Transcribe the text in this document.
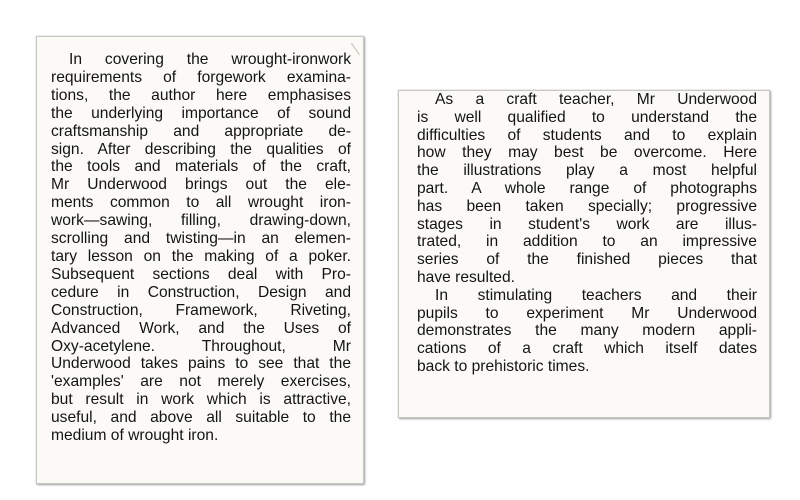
In covering the wrought-ironwork
requirements of forgework examina-
tions, the author here emphasises
the underlying importance of sound
craftsmanship and appropriate de-
sign. After describing the qualities of
the tools and materials of the craft,
Mr Underwood brings out the ele-
ments common to all wrought iron-
work—sawing, filling, drawing-down,
scrolling and twisting—in an elemen-
tary lesson on the making of a poker.
Subsequent sections deal with Pro-
cedure in Construction, Design and
Construction, Framework, Riveting,
Advanced Work, and the Uses of
Oxy-acetylene. Throughout, Mr
Underwood takes pains to see that the
'examples' are not merely exercises,
but result in work which is attractive,
useful, and above all suitable to the
medium of wrought iron.

As a craft teacher, Mr Underwood
is well qualified to understand the
difficulties of students and to explain
how they may best be overcome. Here
the illustrations play a most helpful
part. A whole range of photographs
has been taken specially; progressive
stages in student's work are illus-
trated, in addition to an impressive
series of the finished pieces that
have resulted.

In stimulating teachers and their
pupils to experiment Mr Underwood
demonstrates the many modern appli-
cations of a craft which itself dates
back to prehistoric times.
